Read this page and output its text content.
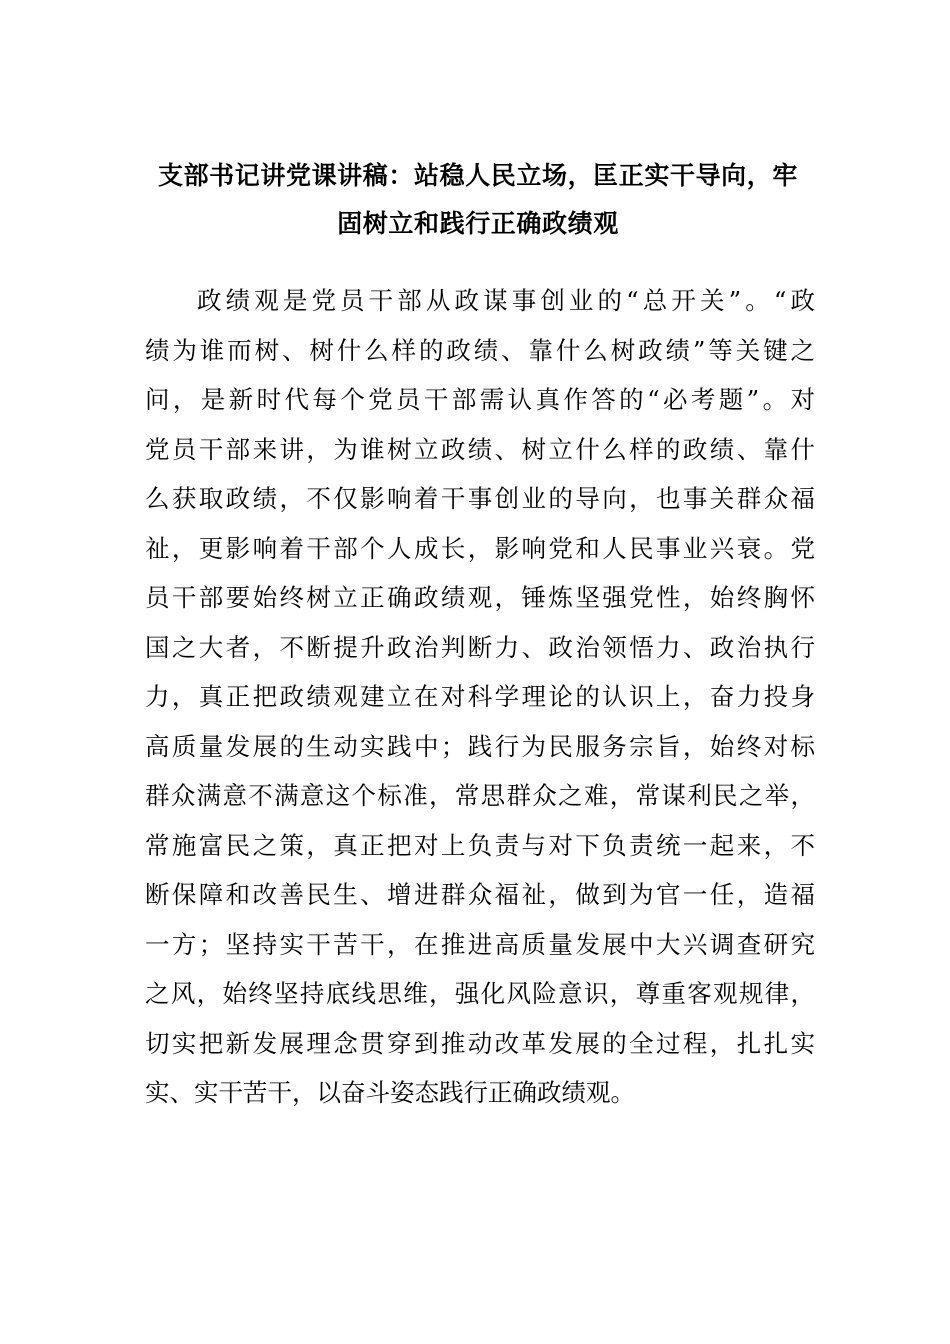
支部书记讲党课讲稿：站稳人民立场，匡正实干导向，牢
固树立和践行正确政绩观
政绩观是党员干部从政谋事创业的“总开关”。“政
绩为谁而树、树什么样的政绩、靠什么树政绩”等关键之
问，是新时代每个党员干部需认真作答的“必考题”。对
党员干部来讲，为谁树立政绩、树立什么样的政绩、靠什
么获取政绩，不仅影响着干事创业的导向，也事关群众福
祉，更影响着干部个人成长，影响党和人民事业兴衰。党
员干部要始终树立正确政绩观，锤炼坚强党性，始终胸怀
国之大者，不断提升政治判断力、政治领悟力、政治执行
力，真正把政绩观建立在对科学理论的认识上，奋力投身
高质量发展的生动实践中；践行为民服务宗旨，始终对标
群众满意不满意这个标准，常思群众之难，常谋利民之举，
常施富民之策，真正把对上负责与对下负责统一起来，不
断保障和改善民生、增进群众福祉，做到为官一任，造福
一方；坚持实干苦干，在推进高质量发展中大兴调查研究
之风，始终坚持底线思维，强化风险意识，尊重客观规律，
切实把新发展理念贯穿到推动改革发展的全过程，扎扎实
实、实干苦干，以奋斗姿态践行正确政绩观。
